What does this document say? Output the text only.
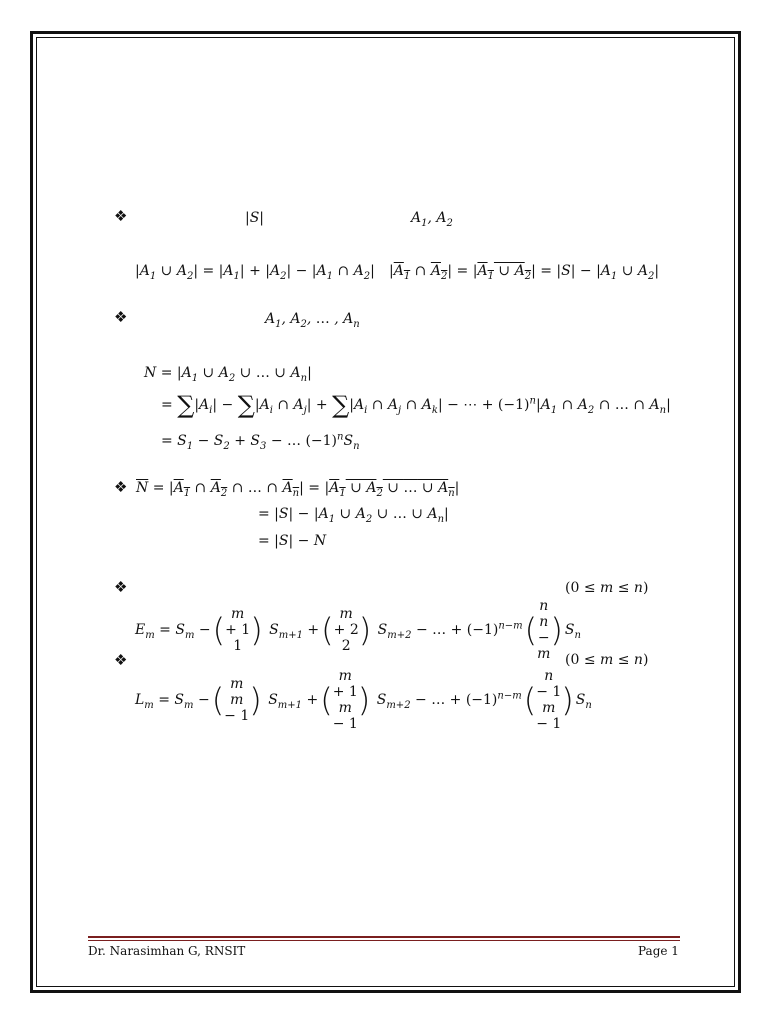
❖	|S|	$A_1$, $A_2$
$|A_1$ ∪ $A_2| = |A_1| + |A_2| - |A_1$ ∩ $A_2|$ $|A_1$ ∩ $A_2| = |A_1$ ∪ $A_2| = |S| - |A_1$ ∪ $A_2|$
❖	$A_1$, $A_2$, … , $A_n$
$N = |A_1$ ∪ $A_2$ ∪ … ∪ $A_n|$
= $\sum|A_i| - \sum|A_i$ ∩ $A_j| + \sum|A_i$ ∩ $A_j$ ∩ $A_k|$ − ⋯ + $(-1)^n|A_1$ ∩ $A_2$ ∩ … ∩ $A_n|$
= $S_1 - S_2 + S_3$ − … $(-1)^nS_n$
❖ $\overline{N} = |A_1$ ∩ $A_2$ ∩ … ∩ $A_n| = |A_1$ ∪ $A_2$ ∪ … ∪ $A_n|$
= $|S| - |A_1$ ∪ $A_2$ ∪ … ∪ $A_n|$
= |S| − N
❖	(0 ≤ m ≤ n)
$E_m = S_m$ −( m
+ 1
1 ) $S_{m+1}$ +( m
+ 2
2 ) $S_{m+2}$ − … + $(-1)^{n-m}$(
n
n
−
m
) $S_n$
❖	(0 ≤ m ≤ n)
$L_m = S_m$ −( m
m
− 1 ) $S_{m+1}$ +(
m
+ 1
m
− 1
) $S_{m+2}$ − … + $(-1)^{n-m}$(
n
− 1
m
− 1
) $S_n$
Dr. Narasimhan G, RNSIT	Page 1
